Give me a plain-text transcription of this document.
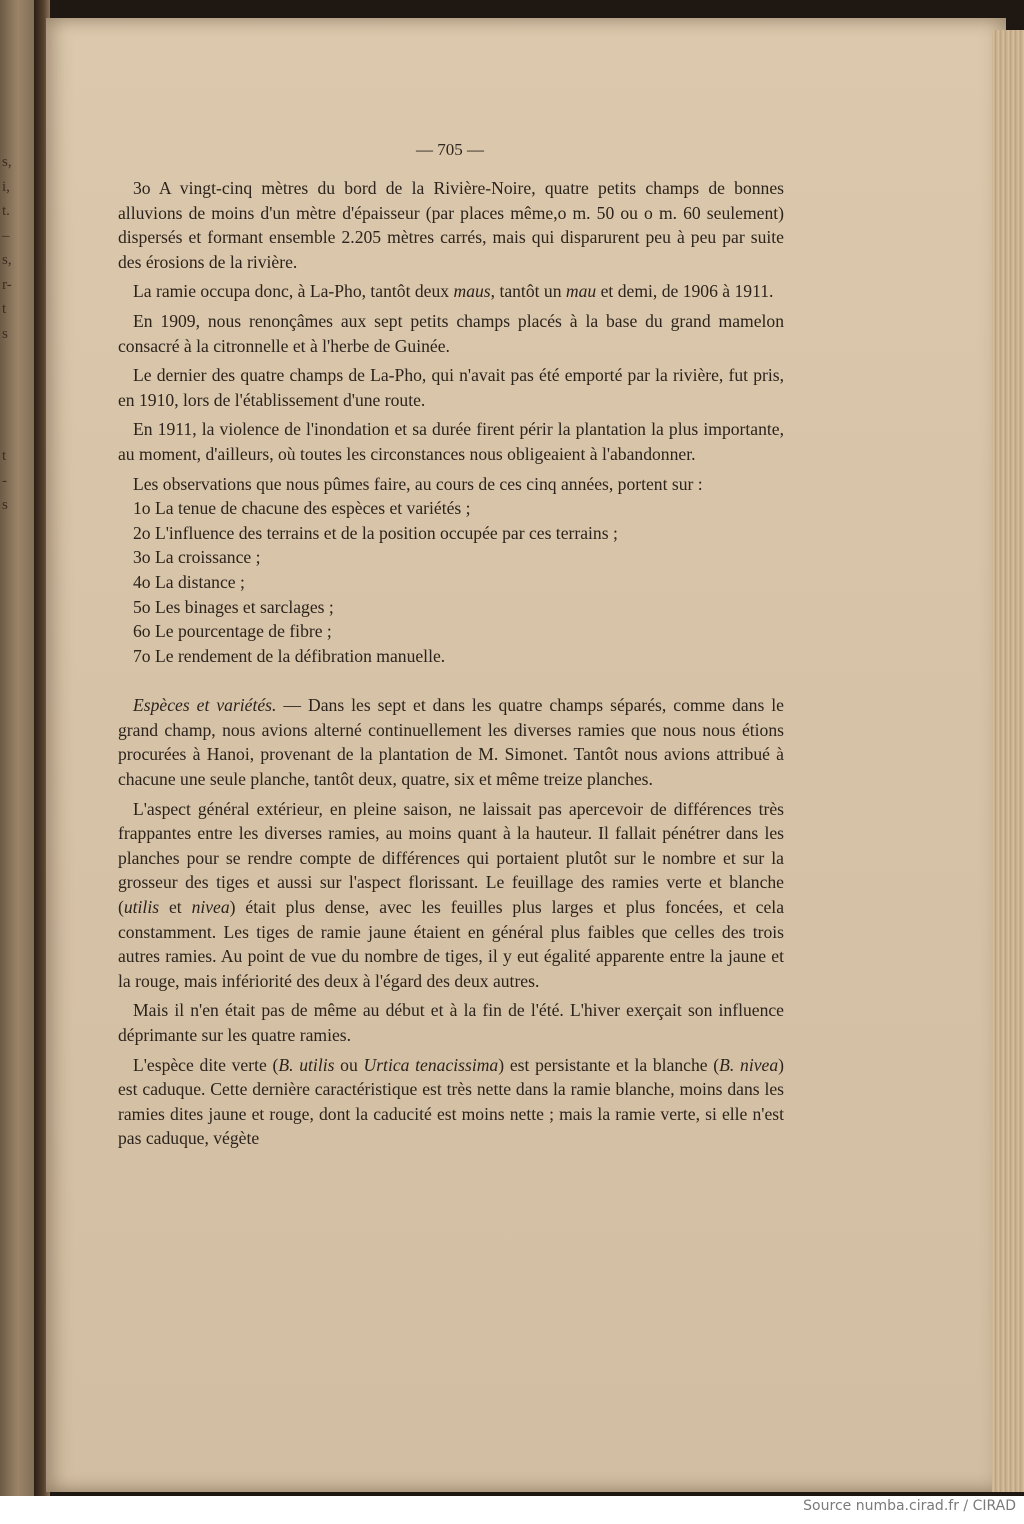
s,
i,
t.
–
s,
r-
t
s

t
-
s
— 705 —

3o A vingt-cinq mètres du bord de la Rivière-Noire, quatre petits champs de bonnes alluvions de moins d'un mètre d'épaisseur (par places même,o m. 50 ou o m. 60 seulement) dispersés et formant ensemble 2.205 mètres carrés, mais qui disparurent peu à peu par suite des érosions de la rivière.

La ramie occupa donc, à La-Pho, tantôt deux maus, tantôt un mau et demi, de 1906 à 1911.

En 1909, nous renonçâmes aux sept petits champs placés à la base du grand mamelon consacré à la citronnelle et à l'herbe de Guinée.

Le dernier des quatre champs de La-Pho, qui n'avait pas été emporté par la rivière, fut pris, en 1910, lors de l'établissement d'une route.

En 1911, la violence de l'inondation et sa durée firent périr la plantation la plus importante, au moment, d'ailleurs, où toutes les circonstances nous obligeaient à l'abandonner.

Les observations que nous pûmes faire, au cours de ces cinq années, portent sur :

1o La tenue de chacune des espèces et variétés ;

2o L'influence des terrains et de la position occupée par ces terrains ;

3o La croissance ;

4o La distance ;

5o Les binages et sarclages ;

6o Le pourcentage de fibre ;

7o Le rendement de la défibration manuelle.

Espèces et variétés. — Dans les sept et dans les quatre champs séparés, comme dans le grand champ, nous avions alterné continuellement les diverses ramies que nous nous étions procurées à Hanoi, provenant de la plantation de M. Simonet. Tantôt nous avions attribué à chacune une seule planche, tantôt deux, quatre, six et même treize planches.

L'aspect général extérieur, en pleine saison, ne laissait pas apercevoir de différences très frappantes entre les diverses ramies, au moins quant à la hauteur. Il fallait pénétrer dans les planches pour se rendre compte de différences qui portaient plutôt sur le nombre et sur la grosseur des tiges et aussi sur l'aspect florissant. Le feuillage des ramies verte et blanche (utilis et nivea) était plus dense, avec les feuilles plus larges et plus foncées, et cela constamment. Les tiges de ramie jaune étaient en général plus faibles que celles des trois autres ramies. Au point de vue du nombre de tiges, il y eut égalité apparente entre la jaune et la rouge, mais infériorité des deux à l'égard des deux autres.

Mais il n'en était pas de même au début et à la fin de l'été. L'hiver exerçait son influence déprimante sur les quatre ramies.

L'espèce dite verte (B. utilis ou Urtica tenacissima) est persistante et la blanche (B. nivea) est caduque. Cette dernière caractéristique est très nette dans la ramie blanche, moins dans les ramies dites jaune et rouge, dont la caducité est moins nette ; mais la ramie verte, si elle n'est pas caduque, végète

Source numba.cirad.fr / CIRAD
